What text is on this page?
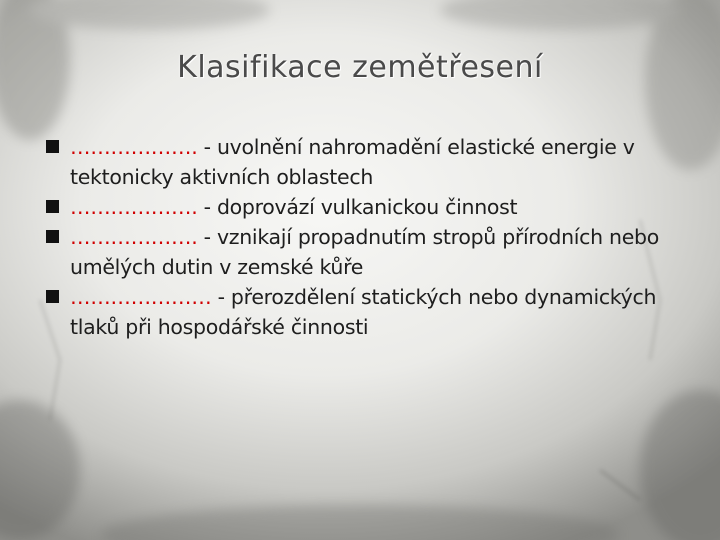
Klasifikace zemětřesení
………………. - uvolnění nahromadění elastické energie v tektonicky aktivních oblastech
………………. - doprovází vulkanickou činnost
………………. - vznikají propadnutím stropů přírodních nebo umělých dutin v zemské kůře
………………… - přerozdělení statických nebo dynamických tlaků při hospodářské činnosti
